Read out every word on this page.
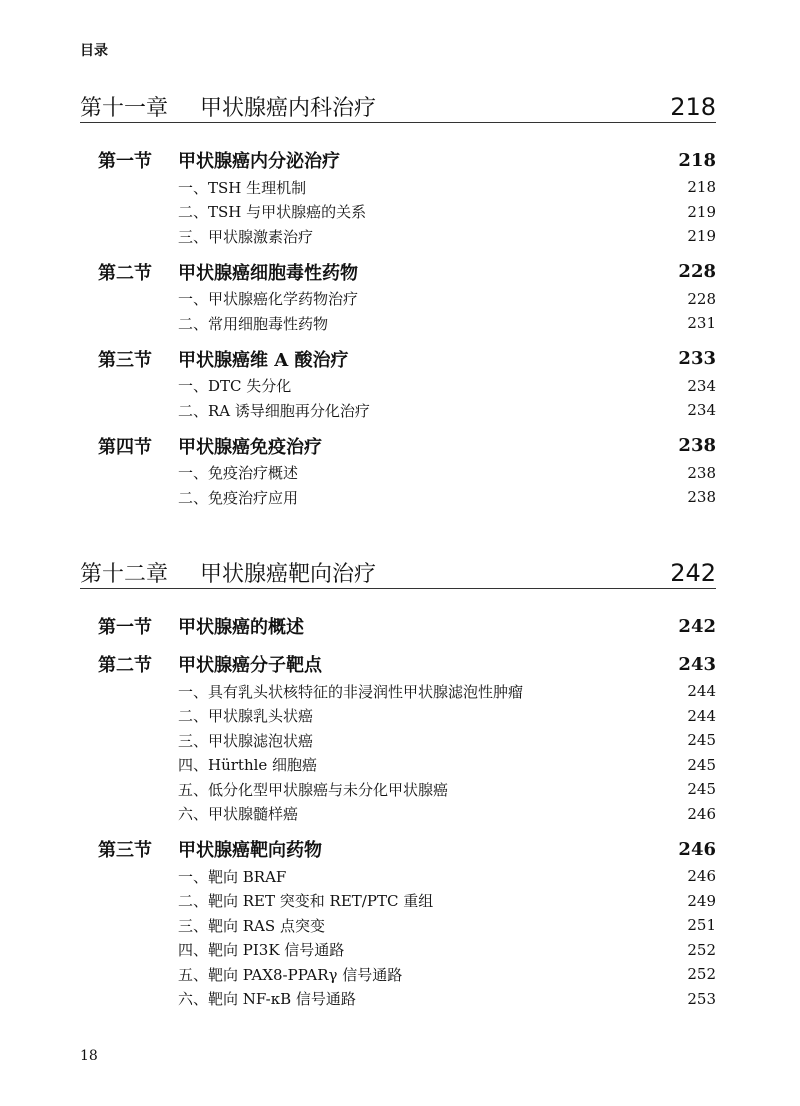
目录
第十一章	甲状腺癌内科治疗	218
第一节	甲状腺癌内分泌治疗	218
一、TSH 生理机制	218
二、TSH 与甲状腺癌的关系	219
三、甲状腺激素治疗	219
第二节	甲状腺癌细胞毒性药物	228
一、甲状腺癌化学药物治疗	228
二、常用细胞毒性药物	231
第三节	甲状腺癌维 A 酸治疗	233
一、DTC 失分化	234
二、RA 诱导细胞再分化治疗	234
第四节	甲状腺癌免疫治疗	238
一、免疫治疗概述	238
二、免疫治疗应用	238
第十二章	甲状腺癌靶向治疗	242
第一节	甲状腺癌的概述	242
第二节	甲状腺癌分子靶点	243
一、具有乳头状核特征的非浸润性甲状腺滤泡性肿瘤	244
二、甲状腺乳头状癌	244
三、甲状腺滤泡状癌	245
四、Hürthle 细胞癌	245
五、低分化型甲状腺癌与未分化甲状腺癌	245
六、甲状腺髓样癌	246
第三节	甲状腺癌靶向药物	246
一、靶向 BRAF	246
二、靶向 RET 突变和 RET/PTC 重组	249
三、靶向 RAS 点突变	251
四、靶向 PI3K 信号通路	252
五、靶向 PAX8-PPARγ 信号通路	252
六、靶向 NF-κB 信号通路	253
18
